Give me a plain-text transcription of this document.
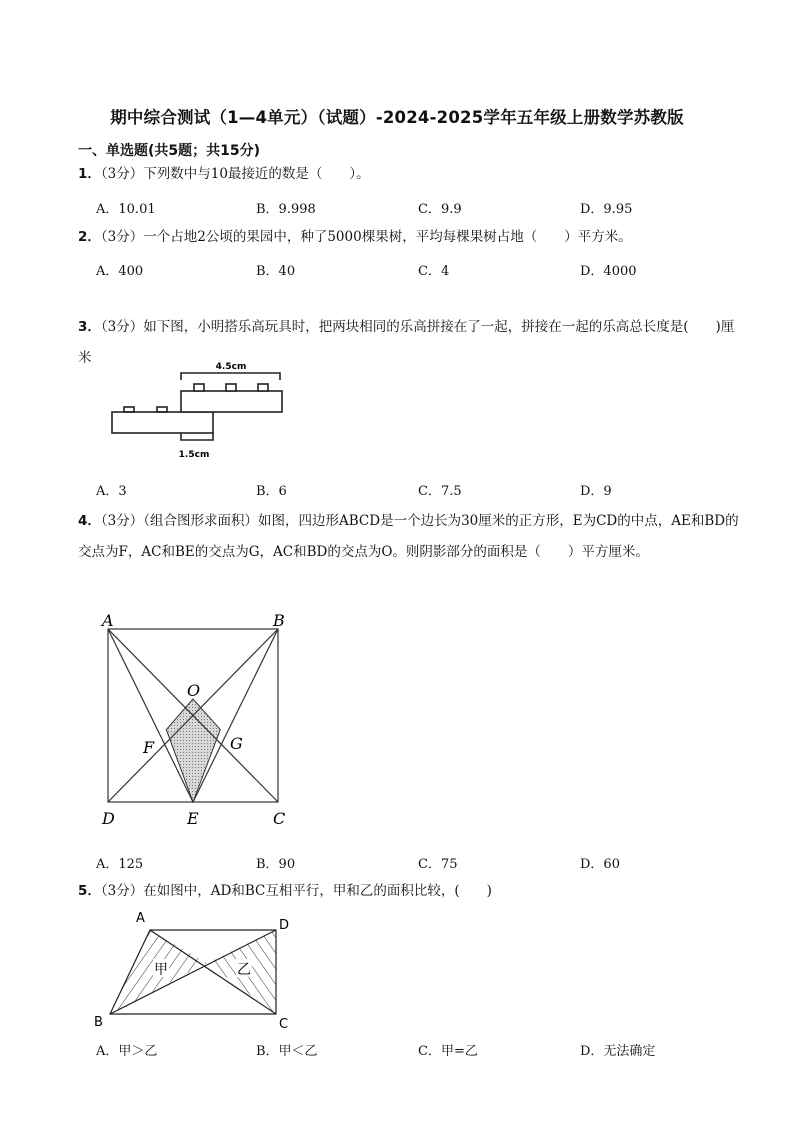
期中综合测试（1—4单元）（试题）-2024-2025学年五年级上册数学苏教版
一、单选题(共5题；共15分)
1．（3分）下列数中与10最接近的数是（　　）。
A．10.01	B．9.998	C．9.9	D．9.95
2．（3分）一个占地2公顷的果园中，种了5000棵果树，平均每棵果树占地（　　）平方米。
A．400	B．40	C．4	D．4000
3．（3分）如下图，小明搭乐高玩具时，把两块相同的乐高拼接在了一起，拼接在一起的乐高总长度是(　　)厘米
4.5cm
1.5cm
A．3	B．6	C．7.5	D．9
4．（3分）（组合图形求面积）如图，四边形ABCD是一个边长为30厘米的正方形，E为CD的中点，AE和BD的交点为F，AC和BE的交点为G，AC和BD的交点为O。则阴影部分的面积是（　　）平方厘米。
A	B
C
D	E
F	G
O
A．125	B．90	C．75	D．60
5．（3分）在如图中，AD和BC互相平行，甲和乙的面积比较，(　　)
甲	乙
A	D
B	C
A．甲＞乙	B．甲＜乙	C．甲=乙	D．无法确定
